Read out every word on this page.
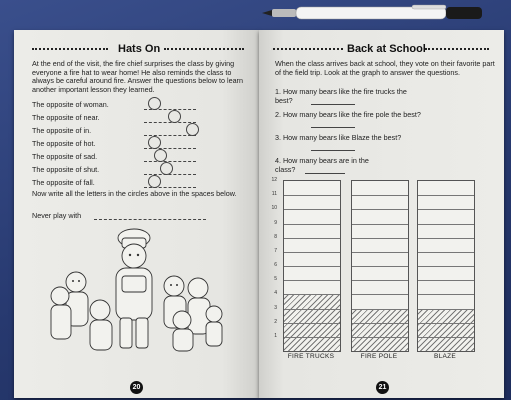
Hats On
At the end of the visit, the fire chief surprises the class by giving everyone a fire hat to wear home! He also reminds the class to always be careful around fire. Answer the questions below to learn another important lesson they learned.
The opposite of woman.
The opposite of near.
The opposite of in.
The opposite of hot.
The opposite of sad.
The opposite of shut.
The opposite of fall.
Now write all the letters in the circles above in the spaces below.
Never play with
20
Back at School
When the class arrives back at school, they vote on their favorite part of the field trip. Look at the graph to answer the questions.
1. How many bears like the fire trucks the best?
2. How many bears like the fire pole the best?
3. How many bears like Blaze the best?
4. How many bears are in the class?
1
2
3
4
5
6
7
8
9
10
11
12
FIRE TRUCKS	FIRE POLE	BLAZE
21
